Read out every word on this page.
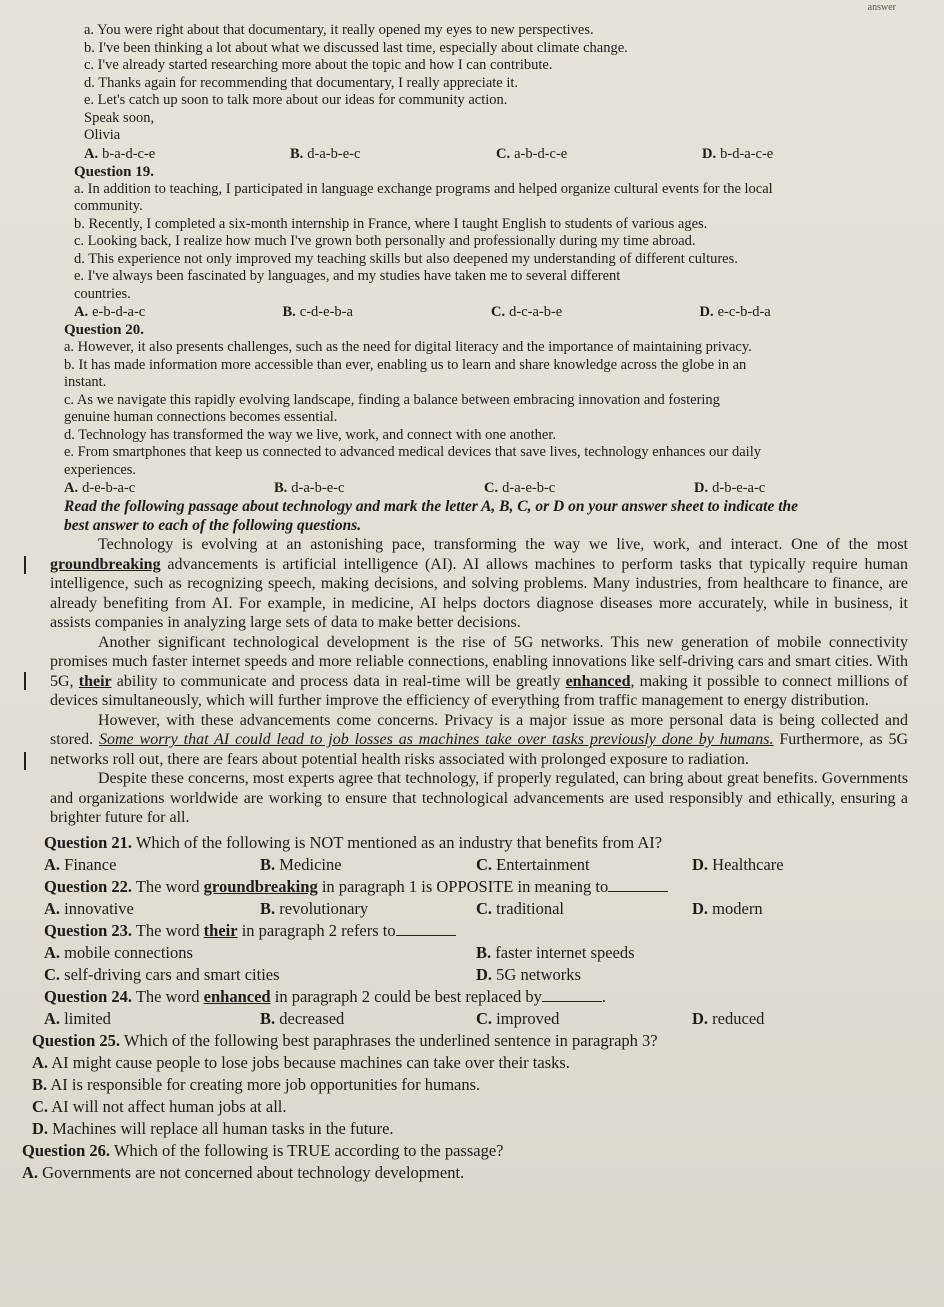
answer

a. You were right about that documentary, it really opened my eyes to new perspectives.

b. I've been thinking a lot about what we discussed last time, especially about climate change.

c. I've already started researching more about the topic and how I can contribute.

d. Thanks again for recommending that documentary, I really appreciate it.

e. Let's catch up soon to talk more about our ideas for community action.

Speak soon,

Olivia

A. b-a-d-c-e	B. d-a-b-e-c	C. a-b-d-c-e	D. b-d-a-c-e

Question 19.

a. In addition to teaching, I participated in language exchange programs and helped organize cultural events for the local

community.

b. Recently, I completed a six-month internship in France, where I taught English to students of various ages.

c. Looking back, I realize how much I've grown both personally and professionally during my time abroad.

d. This experience not only improved my teaching skills but also deepened my understanding of different cultures.

e. I've always been fascinated by languages, and my studies have taken me to several different

countries.

A. e-b-d-a-c	B. c-d-e-b-a	C. d-c-a-b-e	D. e-c-b-d-a

Question 20.

a. However, it also presents challenges, such as the need for digital literacy and the importance of maintaining privacy.

b. It has made information more accessible than ever, enabling us to learn and share knowledge across the globe in an

instant.

c. As we navigate this rapidly evolving landscape, finding a balance between embracing innovation and fostering

genuine human connections becomes essential.

d. Technology has transformed the way we live, work, and connect with one another.

e. From smartphones that keep us connected to advanced medical devices that save lives, technology enhances our daily

experiences.

A. d-e-b-a-c	B. d-a-b-e-c	C. d-a-e-b-c	D. d-b-e-a-c

Read the following passage about technology and mark the letter A, B, C, or D on your answer sheet to indicate the

best answer to each of the following questions.

Technology is evolving at an astonishing pace, transforming the way we live, work, and interact. One of the most groundbreaking advancements is artificial intelligence (AI). AI allows machines to perform tasks that typically require human intelligence, such as recognizing speech, making decisions, and solving problems. Many industries, from healthcare to finance, are already benefiting from AI. For example, in medicine, AI helps doctors diagnose diseases more accurately, while in business, it assists companies in analyzing large sets of data to make better decisions.

Another significant technological development is the rise of 5G networks. This new generation of mobile connectivity promises much faster internet speeds and more reliable connections, enabling innovations like self-driving cars and smart cities. With 5G, their ability to communicate and process data in real-time will be greatly enhanced, making it possible to connect millions of devices simultaneously, which will further improve the efficiency of everything from traffic management to energy distribution.

However, with these advancements come concerns. Privacy is a major issue as more personal data is being collected and stored. Some worry that AI could lead to job losses as machines take over tasks previously done by humans. Furthermore, as 5G networks roll out, there are fears about potential health risks associated with prolonged exposure to radiation.

Despite these concerns, most experts agree that technology, if properly regulated, can bring about great benefits. Governments and organizations worldwide are working to ensure that technological advancements are used responsibly and ethically, ensuring a brighter future for all.

Question 21. Which of the following is NOT mentioned as an industry that benefits from AI?

A. Finance	B. Medicine	C. Entertainment	D. Healthcare

Question 22. The word groundbreaking in paragraph 1 is OPPOSITE in meaning to

A. innovative	B. revolutionary	C. traditional	D. modern

Question 23. The word their in paragraph 2 refers to

A. mobile connections	B. faster internet speeds
C. self-driving cars and smart cities	D. 5G networks

Question 24. The word enhanced in paragraph 2 could be best replaced by	.

A. limited	B. decreased	C. improved	D. reduced

Question 25. Which of the following best paraphrases the underlined sentence in paragraph 3?

A. AI might cause people to lose jobs because machines can take over their tasks.

B. AI is responsible for creating more job opportunities for humans.

C. AI will not affect human jobs at all.

D. Machines will replace all human tasks in the future.

Question 26. Which of the following is TRUE according to the passage?

A. Governments are not concerned about technology development.
